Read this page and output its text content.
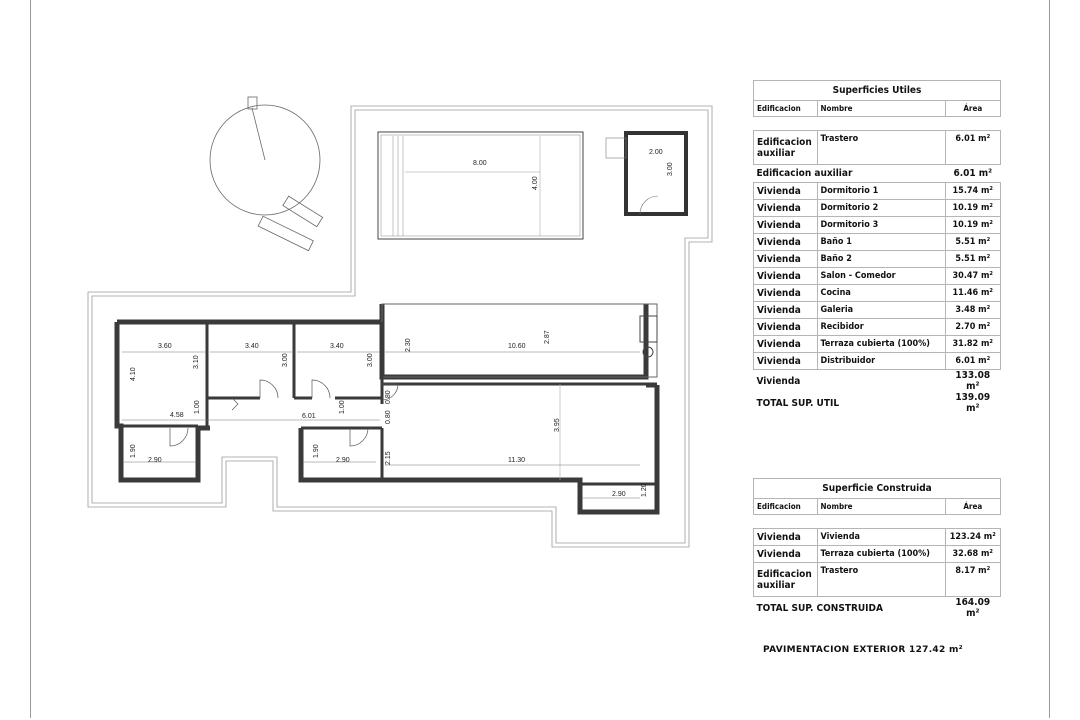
8.00
4.00
2.00
3.00
3.60
4.10
3.10
3.40
3.00
3.40
3.00
10.60
2.87
2.30
4.58
1.00
6.01
1.00
0.80
0.80
11.30
3.95
2.15
2.90
1.90
2.90
1.90
2.90 1.20
Superficies Utiles		
Edificacion	Nombre	Área

Edificacion auxiliar	Trastero	6.01 m²
Edificacion auxiliar		6.01 m²
Vivienda	Dormitorio 1	15.74 m²
Vivienda	Dormitorio 2	10.19 m²
Vivienda	Dormitorio 3	10.19 m²
Vivienda	Baño 1	5.51 m²
Vivienda	Baño 2	5.51 m²
Vivienda	Salon - Comedor	30.47 m²
Vivienda	Cocina	11.46 m²
Vivienda	Galeria	3.48 m²
Vivienda	Recibidor	2.70 m²
Vivienda	Terraza cubierta (100%)	31.82 m²
Vivienda	Distribuidor	6.01 m²
Vivienda		133.08 m²
TOTAL SUP. UTIL		139.09 m²
Superficie Construida		
Edificacion	Nombre	Área

Vivienda	Vivienda	123.24 m²
Vivienda	Terraza cubierta (100%)	32.68 m²
Edificacion auxiliar	Trastero	8.17 m²
TOTAL SUP. CONSTRUIDA		164.09 m²
PAVIMENTACION EXTERIOR 127.42 m²
